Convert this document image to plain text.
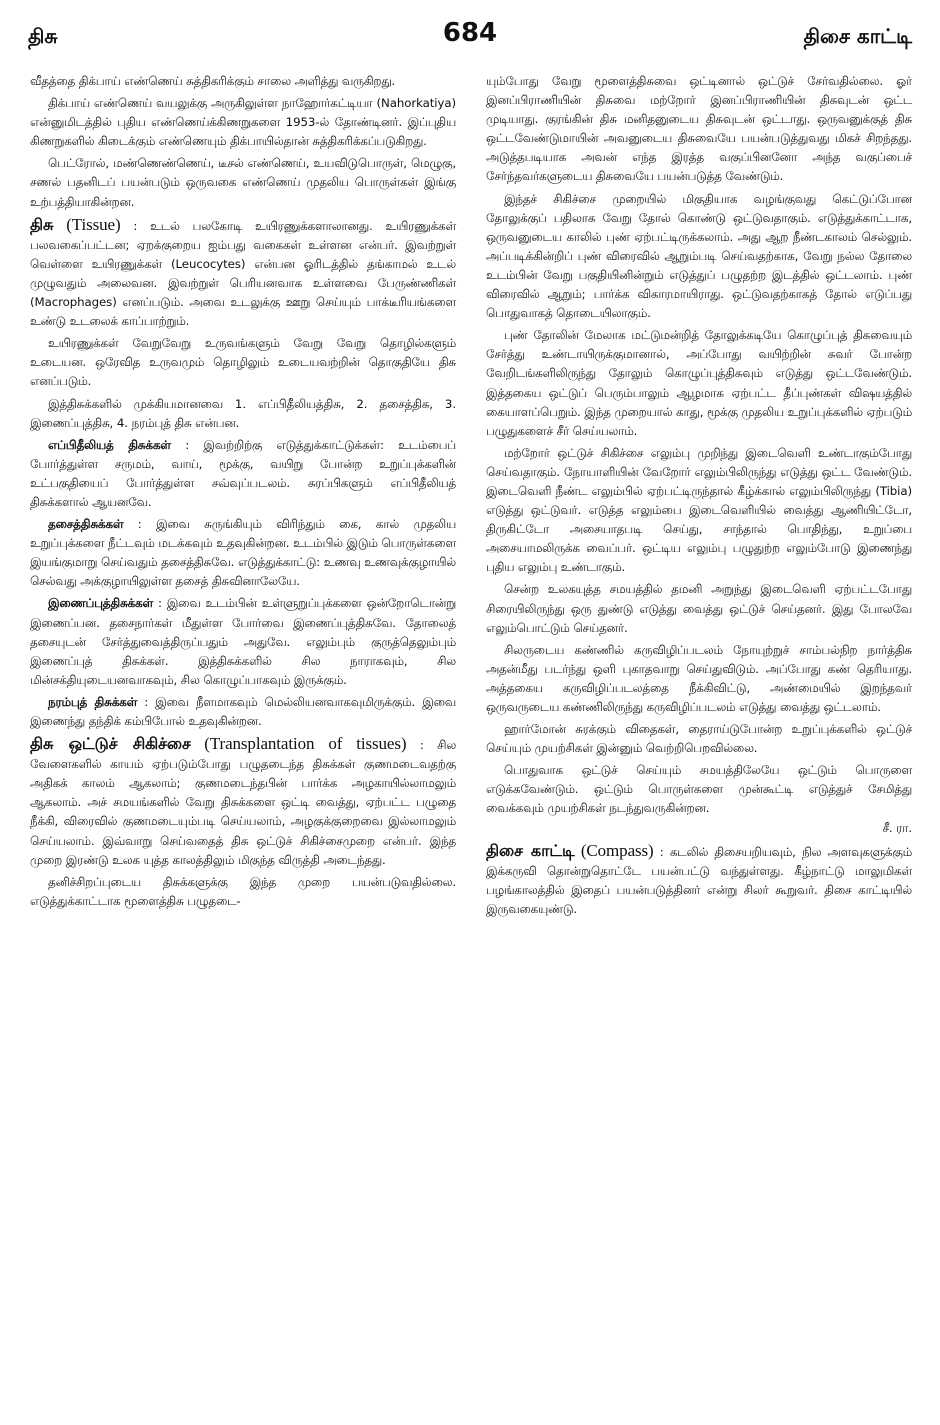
திசு	684	திசை காட்டி

வீதத்தை திக்பாய் எண்ணெய் சுத்திகரிக்கும் சாலை அளித்து வருகிறது.

திக்பாய் எண்ணெய் வயலுக்கு அருகிலுள்ள நாஹோர்கட்டியா (Nahorkatiya) என்னுமிடத்தில் புதிய எண்ணெய்க்கிணறுகளை 1953-ல் தோண்டினர். இப்புதிய கிணறுகளில் கிடைக்கும் எண்ணெயும் திக்பாயில்தான் சுத்திகரிக்கப்படுகிறது.

பெட்ரோல், மண்ணெண்ணெய், டீசல் எண்ணெய், உயவிடுபொருள், மெழுகு, சணல் பதனிடப் பயன்படும் ஒருவகை எண்ணெய் முதலிய பொருள்கள் இங்கு உற்பத்தியாகின்றன.

திசு (Tissue) : உடல் பலகோடி உயிரணுக்களாலானது. உயிரணுக்கள் பலவகைப்பட்டன; ஏறக்குறைய ஐம்பது வகைகள் உள்ளன என்பர். இவற்றுள் வெள்ளை உயிரணுக்கள் (Leucocytes) என்பன ஓரிடத்தில் தங்காமல் உடல் முழுவதும் அலைவன. இவற்றுள் பெரியனவாக உள்ளவை பேருண்ணிகள் (Macrophages) எனப்படும். அவை உடலுக்கு ஊறு செய்யும் பாக்டீரியங்களை உண்டு உடலைக் காப்பாற்றும்.

உயிரணுக்கள் வேறுவேறு உருவங்களும் வேறு வேறு தொழில்களும் உடையன. ஒரேவித உருவமும் தொழிலும் உடையவற்றின் தொகுதியே திசு எனப்படும்.

இத்திசுக்களில் முக்கியமானவை 1. எப்பிதீலியத்திசு, 2. தசைத்திசு, 3. இணைப்புத்திசு, 4. நரம்புத் திசு என்பன.

எப்பிதீலியத் திசுக்கள் : இவற்றிற்கு எடுத்துக்காட்டுக்கள்: உடம்பைப் போர்த்துள்ள சருமம், வாய், மூக்கு, வயிறு போன்ற உறுப்புக்களின் உட்பகுதியைப் போர்த்துள்ள சவ்வுப்படலம். சுரப்பிகளும் எப்பிதீலியத் திசுக்களால் ஆயனவே.

தசைத்திசுக்கள் : இவை சுருங்கியும் விரிந்தும் கை, கால் முதலிய உறுப்புக்களை நீட்டவும் மடக்கவும் உதவுகின்றன. உடம்பில் இடும் பொருள்களை இயங்குமாறு செய்வதும் தசைத்திசுவே. எடுத்துக்காட்டு: உணவு உணவுக்குழாயில் செல்வது அக்குழாயிலுள்ள தசைத் திசுவினாலேயே.

இணைப்புத்திசுக்கள் : இவை உடம்பின் உள்ளுறுப்புக்களை ஒன்றோடொன்று இணைப்பன. தசைநார்கள் மீதுள்ள போர்வை இணைப்புத்திசுவே. தோலைத் தசையுடன் சேர்த்துவைத்திருப்பதும் அதுவே. எலும்பும் குருத்தெலும்பும் இணைப்புத் திசுக்கள். இத்திசுக்களில் சில நாராகவும், சில மின்சக்தியுடையனவாகவும், சில கொழுப்பாகவும் இருக்கும்.

நரம்புத் திசுக்கள் : இவை நீளமாகவும் மெல்லியனவாகவுமிருக்கும். இவை இணைந்து தந்திக் கம்பிபோல் உதவுகின்றன.

திசு ஒட்டுச் சிகிச்சை (Transplantation of tissues) : சில வேளைகளில் காயம் ஏற்படும்போது பழுதடைந்த திசுக்கள் குணமடைவதற்கு அதிகக் காலம் ஆகலாம்; குணமடைந்தபின் பார்க்க அழகாயில்லாமலும் ஆகலாம். அச் சமயங்களில் வேறு திசுக்களை ஒட்டி வைத்து, ஏற்பட்ட பழுதை நீக்கி, விரைவில் குணமடையும்படி செய்யலாம், அழகுக்குறைவை இல்லாமலும் செய்யலாம். இவ்வாறு செய்வதைத் திசு ஒட்டுச் சிகிச்சைமுறை என்பர். இந்த முறை இரண்டு உலக யுத்த காலத்திலும் மிகுந்த விருத்தி அடைந்தது.

தனிச்சிறப்புடைய திசுக்களுக்கு இந்த முறை பயன்படுவதில்லை. எடுத்துக்காட்டாக மூளைத்திசு பழுதடை-

யும்போது வேறு மூளைத்திசுவை ஒட்டினால் ஒட்டுச் சேர்வதில்லை. ஓர் இனப்பிராணியின் திசுவை மற்றோர் இனப்பிராணியின் திசுவுடன் ஒட்ட முடியாது. குரங்கின் திசு மனிதனுடைய திசுவுடன் ஒட்டாது. ஒருவனுக்குத் திசு ஒட்டவேண்டுமாயின் அவனுடைய திசுவையே பயன்படுத்துவது மிகச் சிறந்தது. அடுத்தபடியாக அவன் எந்த இரத்த வகுப்பினனோ அந்த வகுப்பைச் சேர்ந்தவர்களுடைய திசுவையே பயன்படுத்த வேண்டும்.

இந்தச் சிகிச்சை முறையில் மிகுதியாக வழங்குவது கெட்டுப்போன தோலுக்குப் பதிலாக வேறு தோல் கொண்டு ஒட்டுவதாகும். எடுத்துக்காட்டாக, ஒருவனுடைய காலில் புண் ஏற்பட்டிருக்கலாம். அது ஆற நீண்டகாலம் செல்லும். அப்படிக்கின்றிப் புண் விரைவில் ஆறும்படி செய்வதற்காக, வேறு நல்ல தோலை உடம்பின் வேறு பகுதியினின்றும் எடுத்துப் பழுதற்ற இடத்தில் ஒட்டலாம். புண் விரைவில் ஆறும்; பார்க்க விகாரமாயிராது. ஒட்டுவதற்காகத் தோல் எடுப்பது பொதுவாகத் தொடையிலாகும்.

புண் தோலின் மேலாக மட்டுமன்றித் தோலுக்கடியே கொழுப்புத் திசுவையும் சேர்த்து உண்டாயிருக்குமானால், அப்போது வயிற்றின் சுவர் போன்ற வேறிடங்களிலிருந்து தோலும் கொழுப்புத்திசுவும் எடுத்து ஒட்டவேண்டும். இத்தகைய ஒட்டுப் பெரும்பாலும் ஆழமாக ஏற்பட்ட தீப்புண்கள் விஷயத்தில் கையாளப்பெறும். இந்த முறையால் காது, மூக்கு முதலிய உறுப்புக்களில் ஏற்படும் பழுதுகளைச் சீர் செய்யலாம்.

மற்றோர் ஒட்டுச் சிகிச்சை எலும்பு முறிந்து இடைவெளி உண்டாகும்போது செய்வதாகும். நோயாளியின் வேறோர் எலும்பிலிருந்து எடுத்து ஒட்ட வேண்டும். இடைவெளி நீண்ட எலும்பில் ஏற்பட்டிருந்தால் கீழ்க்கால் எலும்பிலிருந்து (Tibia) எடுத்து ஒட்டுவர். எடுத்த எலும்பை இடைவெளியில் வைத்து ஆணியிட்டோ, திருகிட்டோ அசையாதபடி செய்து, சாந்தால் பொதிந்து, உறுப்பை அசையாமலிருக்க வைப்பர். ஒட்டிய எலும்பு பழுதுற்ற எலும்போடு இணைந்து புதிய எலும்பு உண்டாகும்.

சென்ற உலகயுத்த சமயத்தில் தமனி அறுந்து இடைவெளி ஏற்பட்டபோது சிரையிலிருந்து ஒரு துண்டு எடுத்து வைத்து ஒட்டுச் செய்தனர். இது போலவே எலும்பொட்டும் செய்தனர்.

சிலருடைய கண்ணில் கருவிழிப்படலம் நோயுற்றுச் சாம்பல்நிற நார்த்திசு அதன்மீது படர்ந்து ஒளி புகாதவாறு செய்துவிடும். அப்போது கண் தெரியாது. அத்தகைய கருவிழிப்படலத்தை நீக்கிவிட்டு, அண்மையில் இறந்தவர் ஒருவருடைய கண்ணிலிருந்து கருவிழிப்படலம் எடுத்து வைத்து ஒட்டலாம்.

ஹார்மோன் சுரக்கும் விதைகள், தைராய்டுபோன்ற உறுப்புக்களில் ஒட்டுச் செய்யும் முயற்சிகள் இன்னும் வெற்றிபெறவில்லை.

பொதுவாக ஒட்டுச் செய்யும் சமயத்திலேயே ஒட்டும் பொருளை எடுக்கவேண்டும். ஒட்டும் பொருள்களை முன்கூட்டி எடுத்துச் சேமித்து வைக்கவும் முயற்சிகள் நடந்துவருகின்றன.
சீ. ரா.

திசை காட்டி (Compass) : கடலில் திசையறியவும், நில அளவுகளுக்கும் இக்கருவி தொன்றுதொட்டே பயன்பட்டு வந்துள்ளது. கீழ்நாட்டு மாலுமிகள் பழங்காலத்தில் இதைப் பயன்படுத்தினர் என்று சிலர் கூறுவர். திசை காட்டியில் இருவகையுண்டு.
